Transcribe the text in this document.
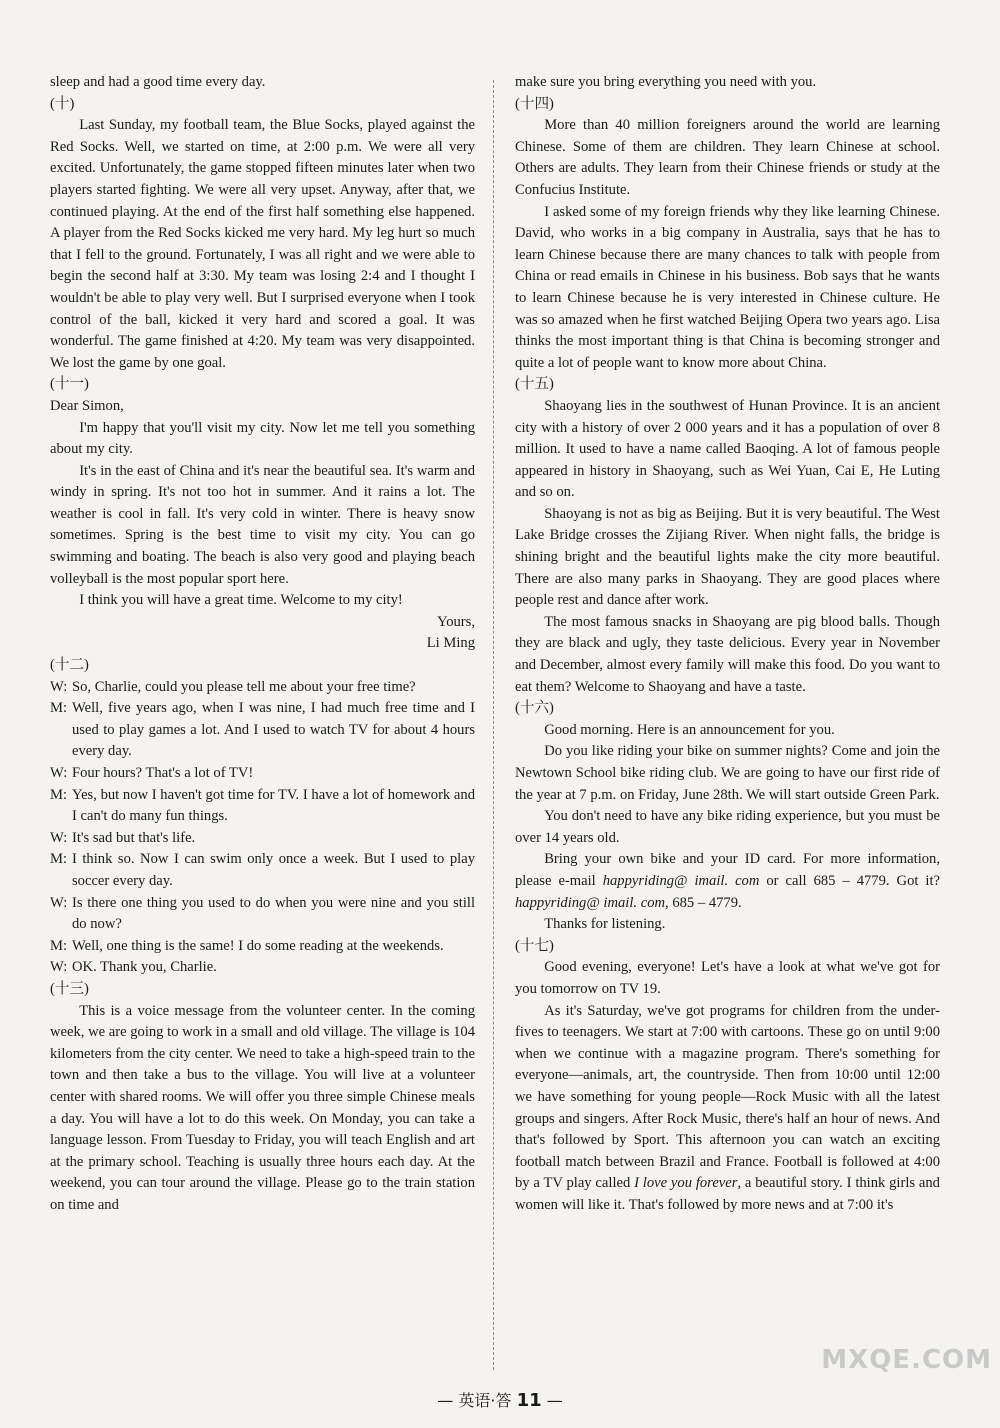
sleep and had a good time every day.

(十)

Last Sunday, my football team, the Blue Socks, played against the Red Socks. Well, we started on time, at 2:00 p.m. We were all very excited. Unfortunately, the game stopped fifteen minutes later when two players started fighting. We were all very upset. Anyway, after that, we continued playing. At the end of the first half something else happened. A player from the Red Socks kicked me very hard. My leg hurt so much that I fell to the ground. Fortunately, I was all right and we were able to begin the second half at 3:30. My team was losing 2:4 and I thought I wouldn't be able to play very well. But I surprised everyone when I took control of the ball, kicked it very hard and scored a goal. It was wonderful. The game finished at 4:20. My team was very disappointed. We lost the game by one goal.

(十一)

Dear Simon,

I'm happy that you'll visit my city. Now let me tell you something about my city.

It's in the east of China and it's near the beautiful sea. It's warm and windy in spring. It's not too hot in summer. And it rains a lot. The weather is cool in fall. It's very cold in winter. There is heavy snow sometimes. Spring is the best time to visit my city. You can go swimming and boating. The beach is also very good and playing beach volleyball is the most popular sport here.

I think you will have a great time. Welcome to my city!

Yours,

Li Ming

(十二)

W: So, Charlie, could you please tell me about your free time?
M: Well, five years ago, when I was nine, I had much free time and I used to play games a lot. And I used to watch TV for about 4 hours every day.
W: Four hours? That's a lot of TV!
M: Yes, but now I haven't got time for TV. I have a lot of homework and I can't do many fun things.
W: It's sad but that's life.
M: I think so. Now I can swim only once a week. But I used to play soccer every day.
W: Is there one thing you used to do when you were nine and you still do now?
M: Well, one thing is the same! I do some reading at the weekends.
W: OK. Thank you, Charlie.

(十三)

This is a voice message from the volunteer center. In the coming week, we are going to work in a small and old village. The village is 104 kilometers from the city center. We need to take a high-speed train to the town and then take a bus to the village. You will live at a volunteer center with shared rooms. We will offer you three simple Chinese meals a day. You will have a lot to do this week. On Monday, you can take a language lesson. From Tuesday to Friday, you will teach English and art at the primary school. Teaching is usually three hours each day. At the weekend, you can tour around the village. Please go to the train station on time and

make sure you bring everything you need with you.

(十四)

More than 40 million foreigners around the world are learning Chinese. Some of them are children. They learn Chinese at school. Others are adults. They learn from their Chinese friends or study at the Confucius Institute.

I asked some of my foreign friends why they like learning Chinese. David, who works in a big company in Australia, says that he has to learn Chinese because there are many chances to talk with people from China or read emails in Chinese in his business. Bob says that he wants to learn Chinese because he is very interested in Chinese culture. He was so amazed when he first watched Beijing Opera two years ago. Lisa thinks the most important thing is that China is becoming stronger and quite a lot of people want to know more about China.

(十五)

Shaoyang lies in the southwest of Hunan Province. It is an ancient city with a history of over 2 000 years and it has a population of over 8 million. It used to have a name called Baoqing. A lot of famous people appeared in history in Shaoyang, such as Wei Yuan, Cai E, He Luting and so on.

Shaoyang is not as big as Beijing. But it is very beautiful. The West Lake Bridge crosses the Zijiang River. When night falls, the bridge is shining bright and the beautiful lights make the city more beautiful. There are also many parks in Shaoyang. They are good places where people rest and dance after work.

The most famous snacks in Shaoyang are pig blood balls. Though they are black and ugly, they taste delicious. Every year in November and December, almost every family will make this food. Do you want to eat them? Welcome to Shaoyang and have a taste.

(十六)

Good morning. Here is an announcement for you.

Do you like riding your bike on summer nights? Come and join the Newtown School bike riding club. We are going to have our first ride of the year at 7 p.m. on Friday, June 28th. We will start outside Green Park.

You don't need to have any bike riding experience, but you must be over 14 years old.

Bring your own bike and your ID card. For more information, please e-mail happyriding@ imail. com or call 685 – 4779. Got it? happyriding@ imail. com, 685 – 4779.

Thanks for listening.

(十七)

Good evening, everyone! Let's have a look at what we've got for you tomorrow on TV 19.

As it's Saturday, we've got programs for children from the under-fives to teenagers. We start at 7:00 with cartoons. These go on until 9:00 when we continue with a magazine program. There's something for everyone—animals, art, the countryside. Then from 10:00 until 12:00 we have something for young people—Rock Music with all the latest groups and singers. After Rock Music, there's half an hour of news. And that's followed by Sport. This afternoon you can watch an exciting football match between Brazil and France. Football is followed at 4:00 by a TV play called I love you forever, a beautiful story. I think girls and women will like it. That's followed by more news and at 7:00 it's

— 英语·答 11 —
MXQE.COM
